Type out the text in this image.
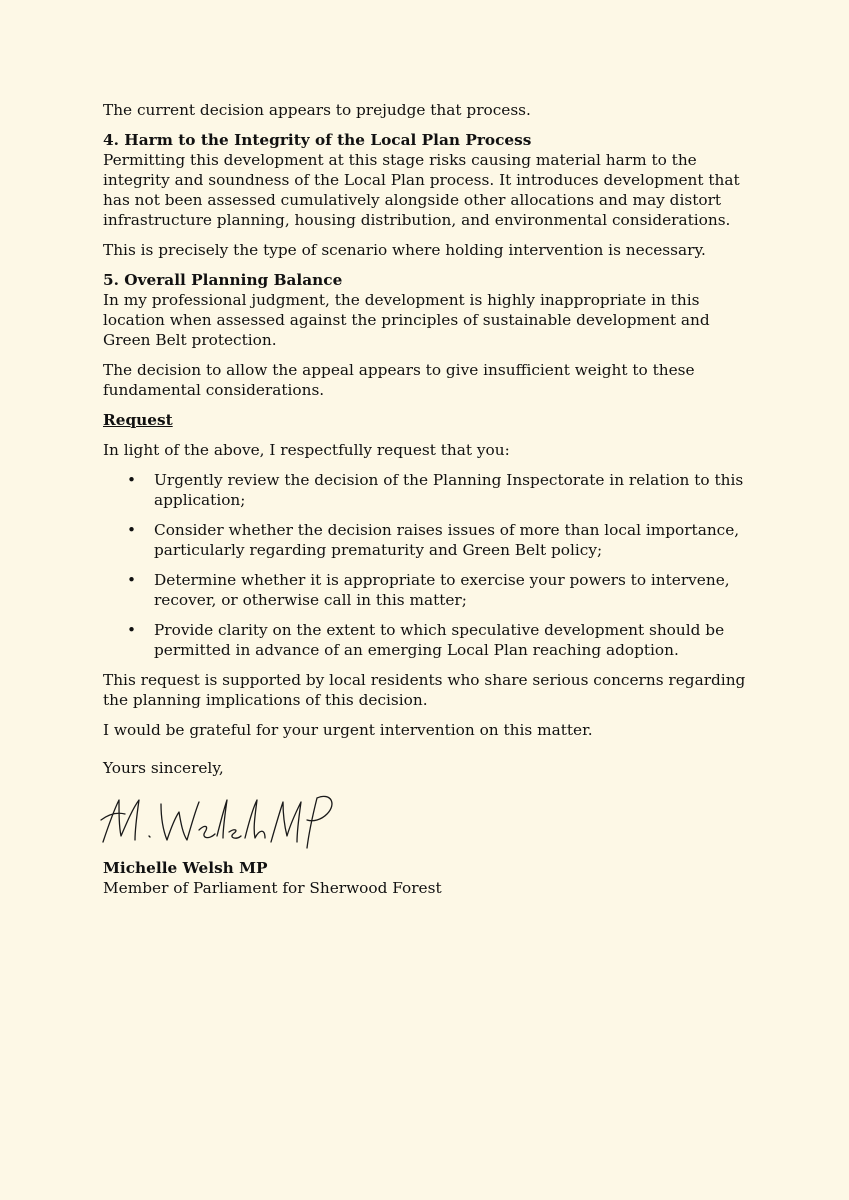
The current decision appears to prejudge that process.

4. Harm to the Integrity of the Local Plan Process
Permitting this development at this stage risks causing material harm to the integrity and soundness of the Local Plan process. It introduces development that has not been assessed cumulatively alongside other allocations and may distort infrastructure planning, housing distribution, and environmental considerations.

This is precisely the type of scenario where holding intervention is necessary.

5. Overall Planning Balance
In my professional judgment, the development is highly inappropriate in this location when assessed against the principles of sustainable development and Green Belt protection.

The decision to allow the appeal appears to give insufficient weight to these fundamental considerations.

Request

In light of the above, I respectfully request that you:

• Urgently review the decision of the Planning Inspectorate in relation to this application;
• Consider whether the decision raises issues of more than local importance, particularly regarding prematurity and Green Belt policy;
• Determine whether it is appropriate to exercise your powers to intervene, recover, or otherwise call in this matter;
• Provide clarity on the extent to which speculative development should be permitted in advance of an emerging Local Plan reaching adoption.

This request is supported by local residents who share serious concerns regarding the planning implications of this decision.

I would be grateful for your urgent intervention on this matter.

Yours sincerely,

Michelle Welsh MP
Member of Parliament for Sherwood Forest
